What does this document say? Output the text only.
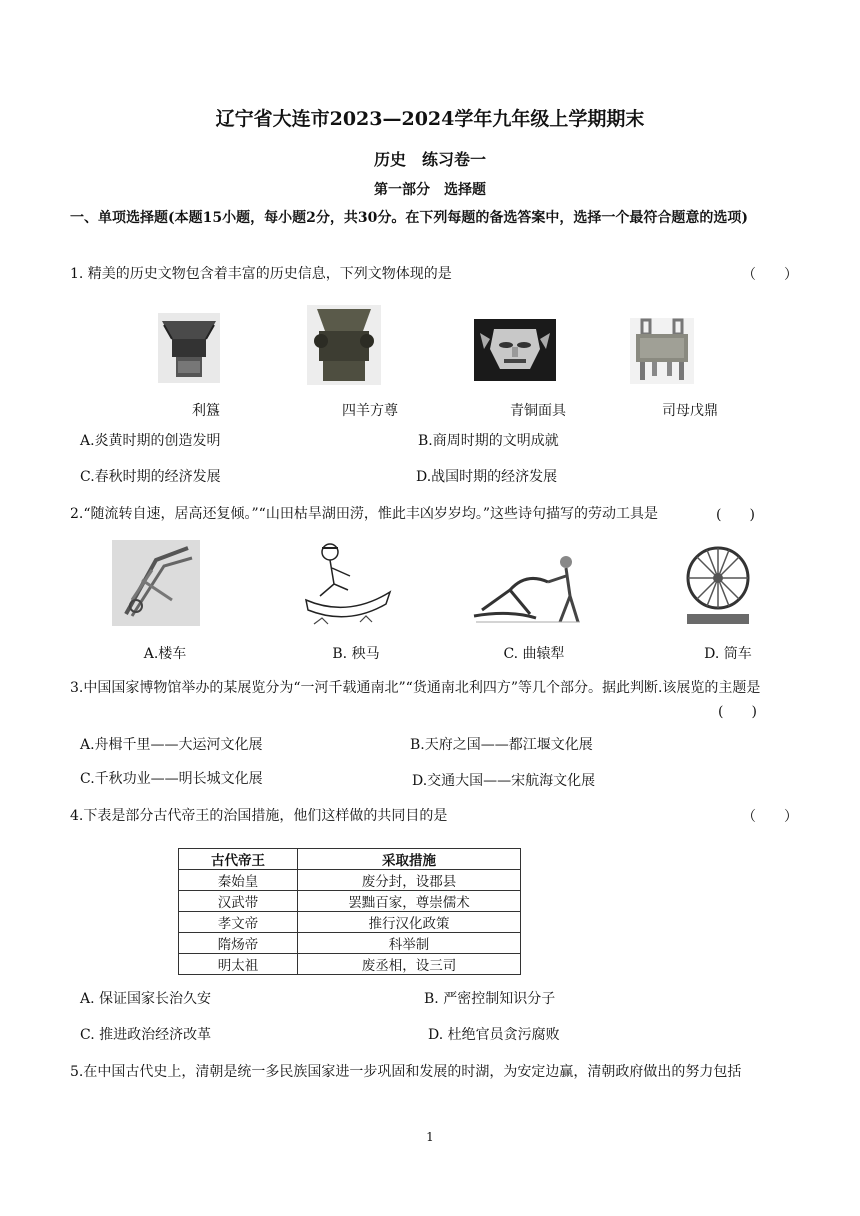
辽宁省大连市2023—2024学年九年级上学期期末
历史　练习卷一
第一部分　选择题
一、单项选择题(本题15小题，每小题2分，共30分。在下列每题的备选答案中，选择一个最符合题意的选项)
1. 精美的历史文物包含着丰富的历史信息，下列文物体现的是	（　　）
利簋	四羊方尊	青铜面具	司母戊鼎
A.炎黄时期的创造发明	B.商周时期的文明成就
C.春秋时期的经济发展	D.战国时期的经济发展
2.“随流转自速，居高还复倾。”“山田枯旱湖田涝，惟此丰凶岁岁均。”这些诗句描写的劳动工具是	(　　)
A.楼车	B. 秧马	C. 曲辕犁	D. 筒车
3.中国国家博物馆举办的某展览分为“一河千载通南北”“货通南北利四方”等几个部分。据此判断.该展览的主题是
(　　)
A.舟楫千里——大运河文化展	B.天府之国——都江堰文化展
C.千秋功业——明长城文化展	D.交通大国——宋航海文化展
4.下表是部分古代帝王的治国措施，他们这样做的共同目的是	（　　）
古代帝王	采取措施
秦始皇	废分封，设郡县
汉武带	罢黜百家，尊崇儒术
孝文帝	推行汉化政策
隋炀帝	科举制
明太祖	废丞相，设三司
A. 保证国家长治久安	B. 严密控制知识分子
C. 推进政治经济改革	D. 杜绝官员贪污腐败
5.在中国古代史上，清朝是统一多民族国家进一步巩固和发展的时湖，为安定边赢，清朝政府做出的努力包括
1
